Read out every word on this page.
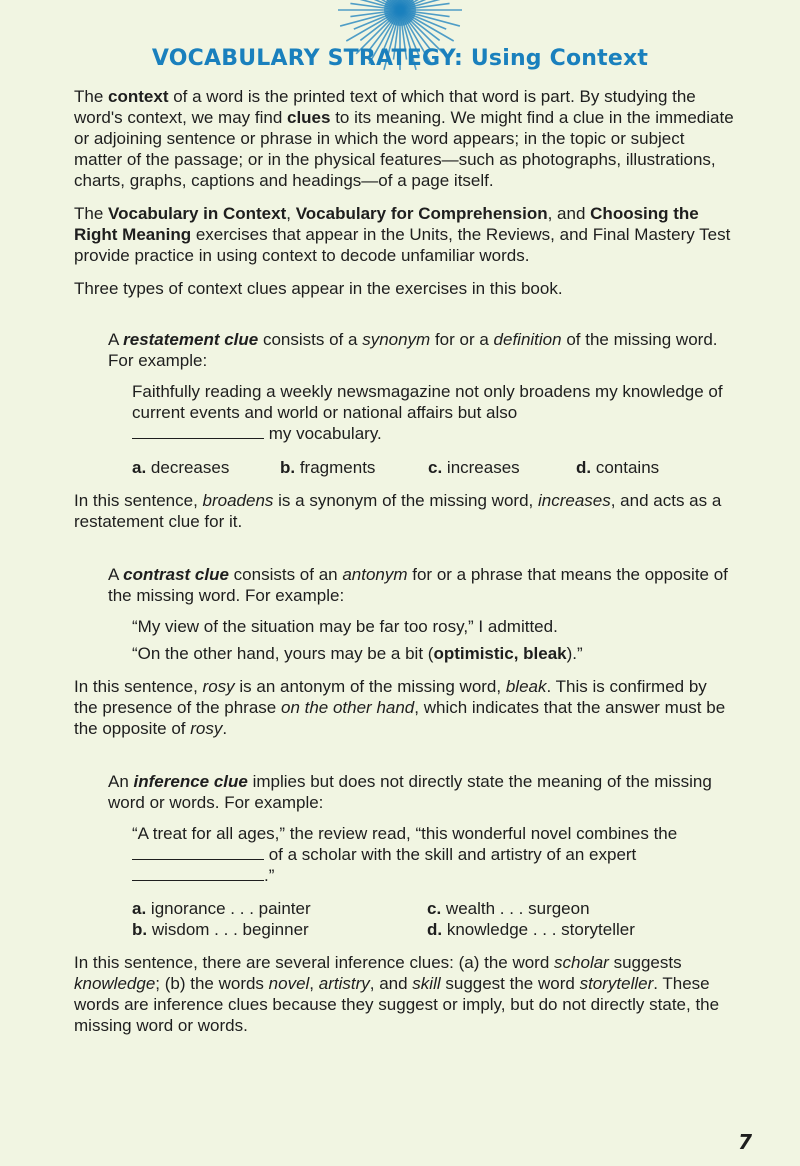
VOCABULARY STRATEGY: Using Context

The context of a word is the printed text of which that word is part. By studying the word's context, we may find clues to its meaning. We might find a clue in the immediate or adjoining sentence or phrase in which the word appears; in the topic or subject matter of the passage; or in the physical features—such as photographs, illustrations, charts, graphs, captions and headings—of a page itself.

The Vocabulary in Context, Vocabulary for Comprehension, and Choosing the Right Meaning exercises that appear in the Units, the Reviews, and Final Mastery Test provide practice in using context to decode unfamiliar words.

Three types of context clues appear in the exercises in this book.

A restatement clue consists of a synonym for or a definition of the missing word. For example:

Faithfully reading a weekly newsmagazine not only broadens my knowledge of current events and world or national affairs but also
my vocabulary.

a. decreases	b. fragments	c. increases	d. contains

In this sentence, broadens is a synonym of the missing word, increases, and acts as a restatement clue for it.

A contrast clue consists of an antonym for or a phrase that means the opposite of the missing word. For example:

“My view of the situation may be far too rosy,” I admitted.

“On the other hand, yours may be a bit (optimistic, bleak).”

In this sentence, rosy is an antonym of the missing word, bleak. This is confirmed by the presence of the phrase on the other hand, which indicates that the answer must be the opposite of rosy.

An inference clue implies but does not directly state the meaning of the missing word or words. For example:

“A treat for all ages,” the review read, “this wonderful novel combines the
of a scholar with the skill and artistry of an expert
.”

a. ignorance . . . painter	c. wealth . . . surgeon
b. wisdom . . . beginner	d. knowledge . . . storyteller

In this sentence, there are several inference clues: (a) the word scholar suggests knowledge; (b) the words novel, artistry, and skill suggest the word storyteller. These words are inference clues because they suggest or imply, but do not directly state, the missing word or words.

7
